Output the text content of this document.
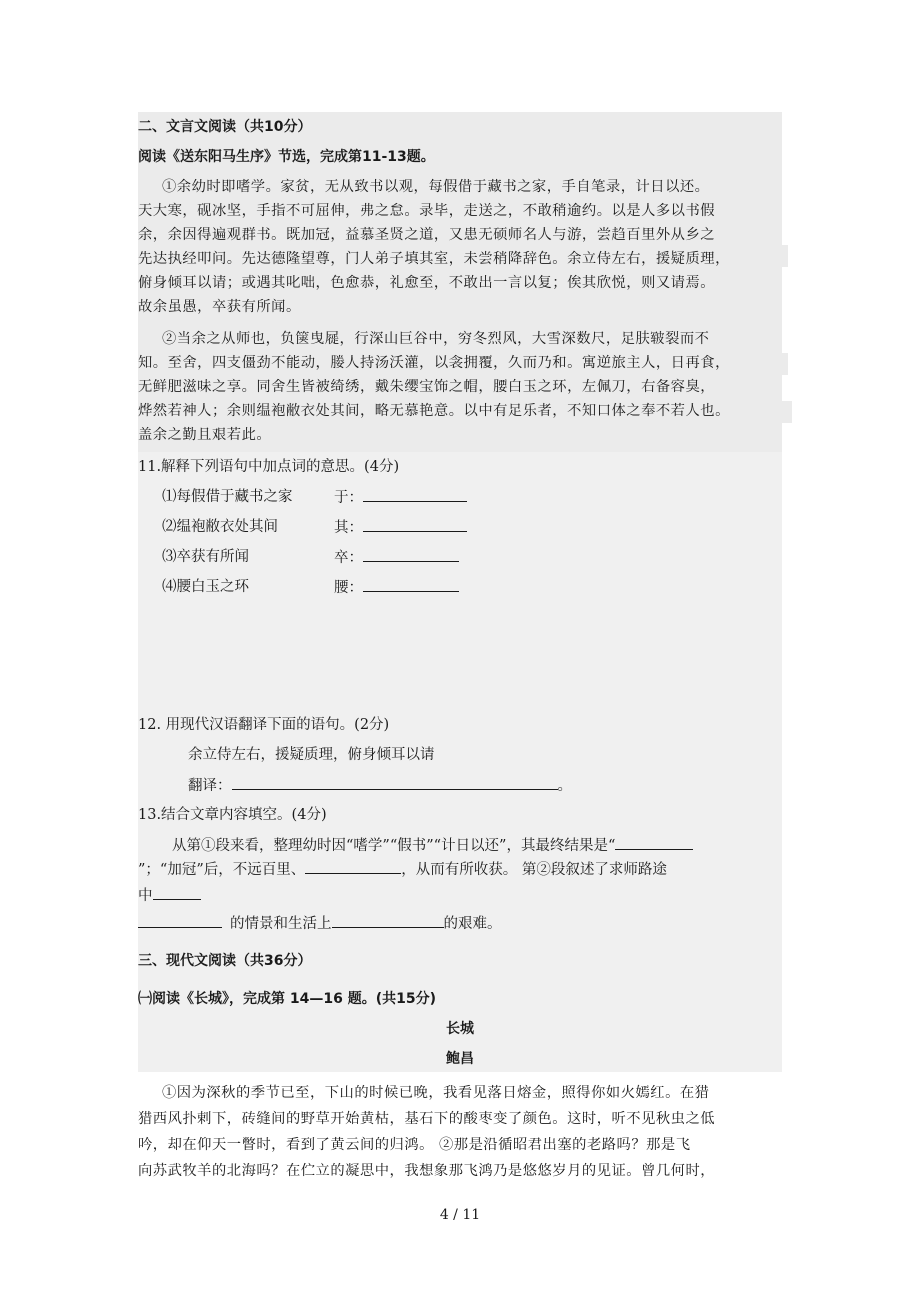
二、文言文阅读（共10分）
阅读《送东阳马生序》节选，完成第11-13题。
①余幼时即嗜学。家贫，无从致书以观，每假借于藏书之家，手自笔录，计日以还。
天大寒，砚冰坚，手指不可屈伸，弗之怠。录毕，走送之，不敢稍逾约。以是人多以书假
余，余因得遍观群书。既加冠，益慕圣贤之道，又患无硕师名人与游，尝趋百里外从乡之
先达执经叩问。先达德隆望尊，门人弟子填其室，未尝稍降辞色。余立侍左右，援疑质理，
俯身倾耳以请；或遇其叱咄，色愈恭，礼愈至，不敢出一言以复；俟其欣悦，则又请焉。
故余虽愚，卒获有所闻。
②当余之从师也，负箧曳屣，行深山巨谷中，穷冬烈风，大雪深数尺，足肤皲裂而不
知。至舍，四支僵劲不能动，媵人持汤沃灌，以衾拥覆，久而乃和。寓逆旅主人，日再食，
无鲜肥滋味之享。同舍生皆被绮绣，戴朱缨宝饰之帽，腰白玉之环，左佩刀，右备容臭，
烨然若神人；余则缊袍敝衣处其间，略无慕艳意。以中有足乐者，不知口体之奉不若人也。
盖余之勤且艰若此。
11.解释下列语句中加点词的意思。(4分)
⑴每假借于藏书之家	于：
⑵缊袍敝衣处其间	其：
⑶卒获有所闻	卒：
⑷腰白玉之环	腰：
12. 用现代汉语翻译下面的语句。(2分)
余立侍左右，援疑质理，俯身倾耳以请
翻译：	。
13.结合文章内容填空。(4分)
从第①段来看，整理幼时因“嗜学”“假书”“计日以还”，其最终结果是“
”；“加冠”后，不远百里、	，从而有所收获。 第②段叙述了求师路途
中
的情景和生活上	的艰难。
三、现代文阅读（共36分）
㈠阅读《长城》，完成第 14—16 题。(共15分)
长城
鲍昌
①因为深秋的季节已至，下山的时候已晚，我看见落日熔金，照得你如火嫣红。在猎
猎西风扑剌下，砖缝间的野草开始黄枯，基石下的酸枣变了颜色。这时，听不见秋虫之低
吟，却在仰天一瞥时，看到了黄云间的归鸿。 ②那是沿循昭君出塞的老路吗？那是飞
向苏武牧羊的北海吗？在伫立的凝思中，我想象那飞鸿乃是悠悠岁月的见证。曾几何时，
4 / 11
